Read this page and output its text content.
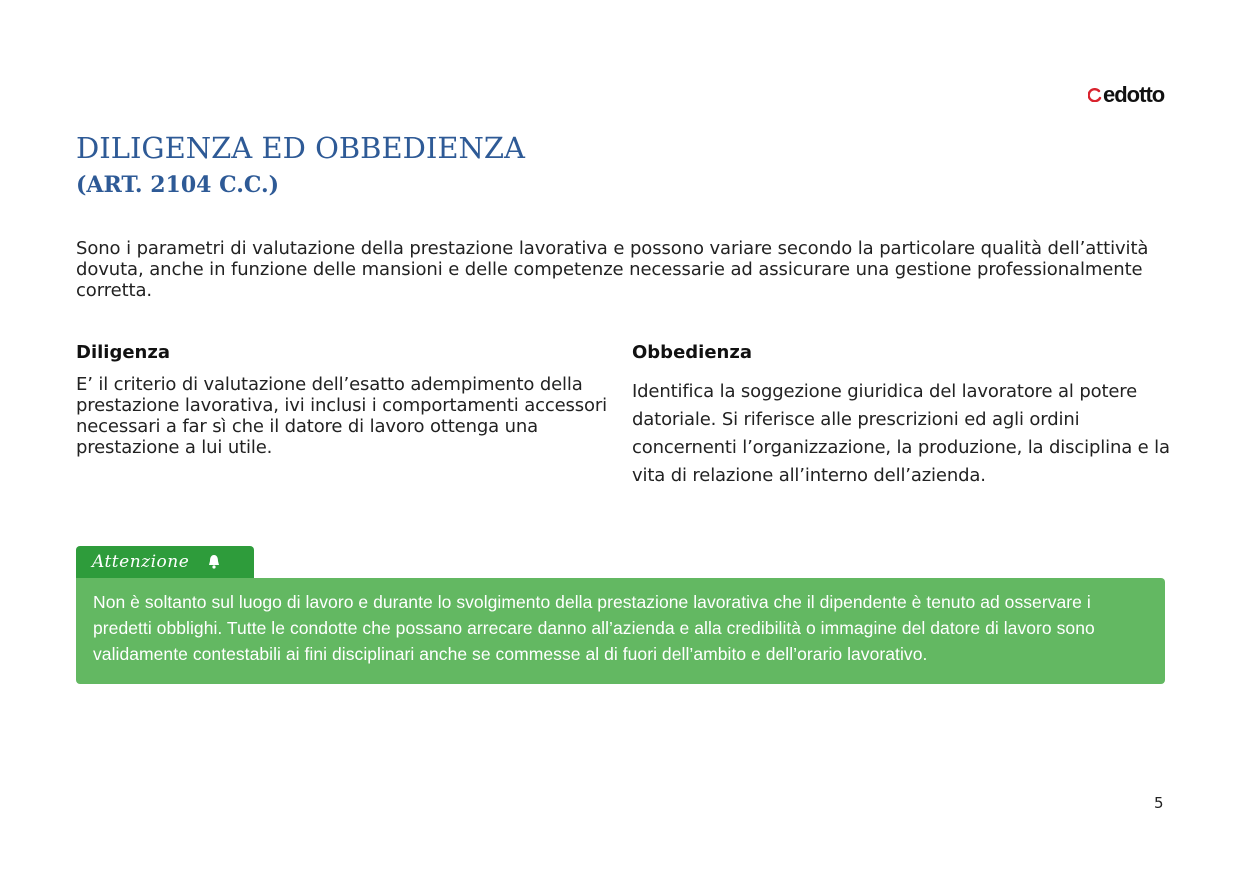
edotto
DILIGENZA ED OBBEDIENZA
(ART. 2104 C.C.)

Sono i parametri di valutazione della prestazione lavorativa e possono variare secondo la particolare qualità dell’attività dovuta, anche in funzione delle mansioni e delle competenze necessarie ad assicurare una gestione professionalmente corretta.

Diligenza

E’ il criterio di valutazione dell’esatto adempimento della prestazione lavorativa, ivi inclusi i comportamenti accessori necessari a far sì che il datore di lavoro ottenga una prestazione a lui utile.

Obbedienza

Identifica la soggezione giuridica del lavoratore al potere datoriale. Si riferisce alle prescrizioni ed agli ordini concernenti l’organizzazione, la produzione, la disciplina e la vita di relazione all’interno dell’azienda.

Attenzione

Non è soltanto sul luogo di lavoro e durante lo svolgimento della prestazione lavorativa che il dipendente è tenuto ad osservare i predetti obblighi. Tutte le condotte che possano arrecare danno all’azienda e alla credibilità o immagine del datore di lavoro sono validamente contestabili ai fini disciplinari anche se commesse al di fuori dell’ambito e dell’orario lavorativo.

5
